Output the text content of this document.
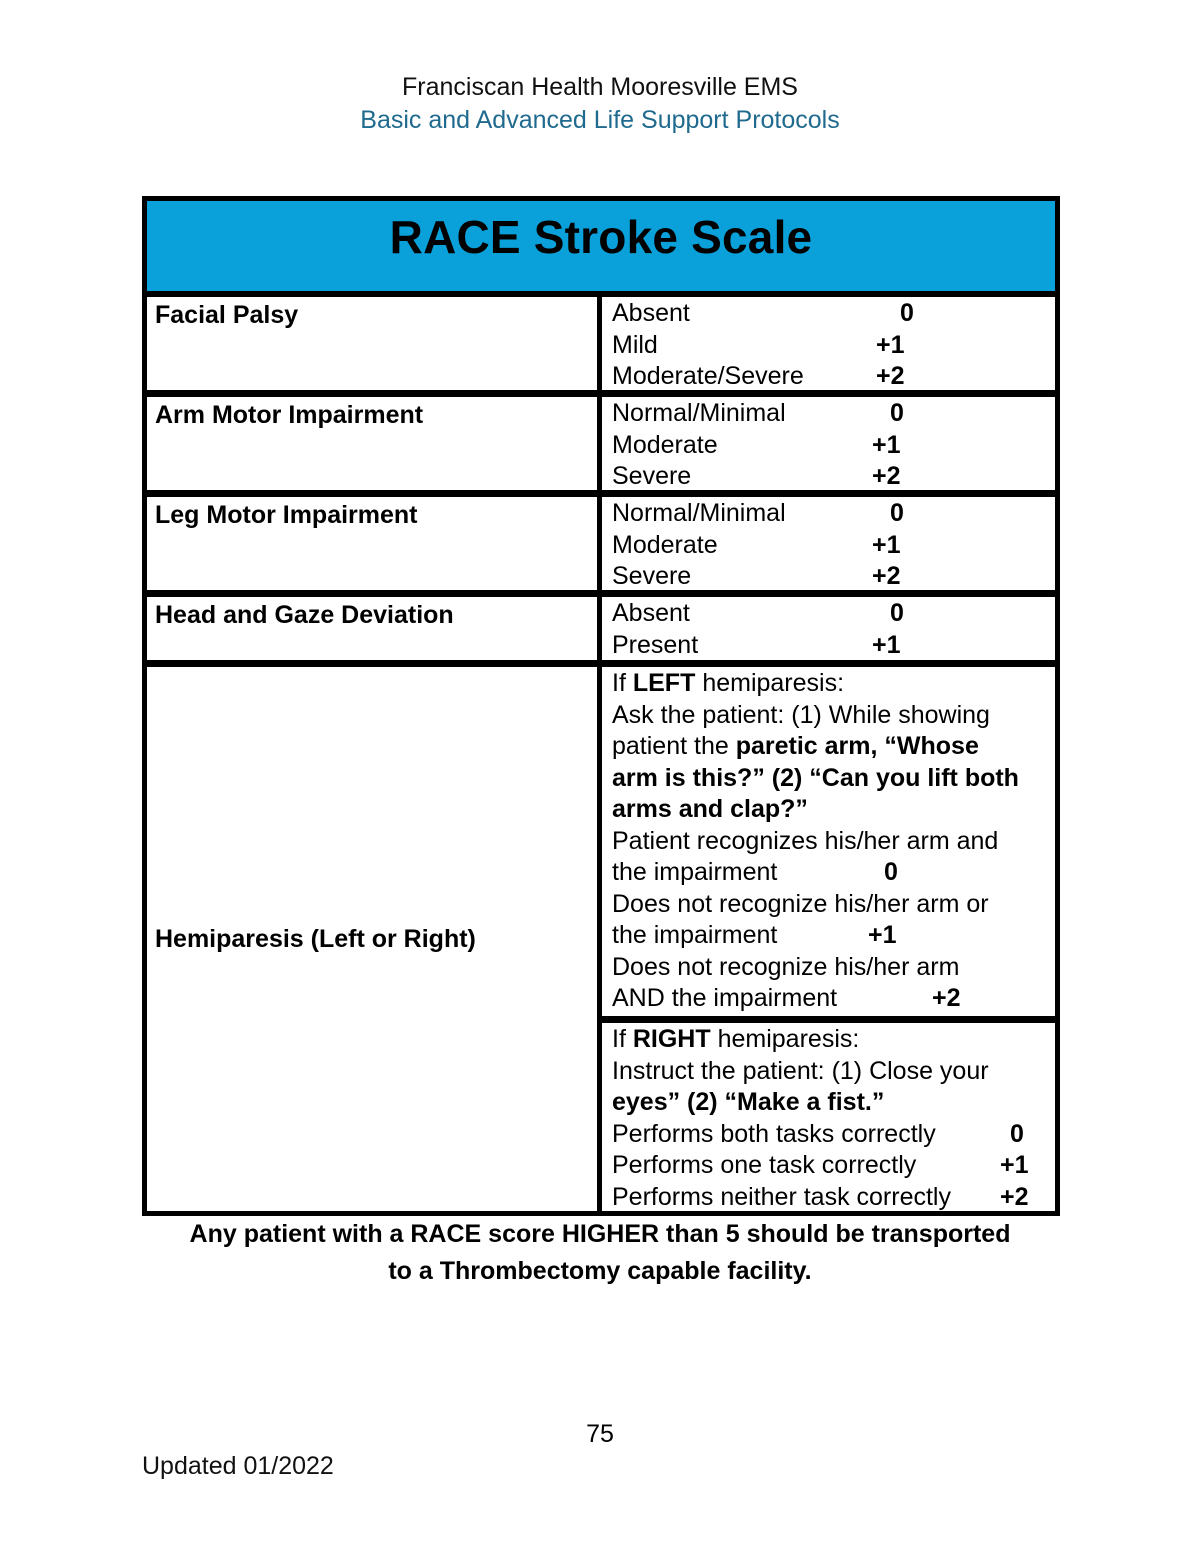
Franciscan Health Mooresville EMS
Basic and Advanced Life Support Protocols
RACE Stroke Scale
Facial Palsy	Absent	0
Mild	+1
Moderate/Severe	+2
Arm Motor Impairment	Normal/Minimal	0
Moderate	+1
Severe	+2
Leg Motor Impairment	Normal/Minimal	0
Moderate	+1
Severe	+2
Head and Gaze Deviation	Absent	0
Present	+1
Hemiparesis (Left or Right)
If LEFT hemiparesis:
Ask the patient: (1) While showing
patient the paretic arm, “Whose
arm is this?” (2) “Can you lift both
arms and clap?”
Patient recognizes his/her arm and
the impairment	0
Does not recognize his/her arm or
the impairment	+1
Does not recognize his/her arm
AND the impairment	+2
If RIGHT hemiparesis:
Instruct the patient: (1) Close your
eyes” (2) “Make a fist.”
Performs both tasks correctly	0
Performs one task correctly	+1
Performs neither task correctly +2
Any patient with a RACE score HIGHER than 5 should be transported
to a Thrombectomy capable facility.
75
Updated 01/2022
